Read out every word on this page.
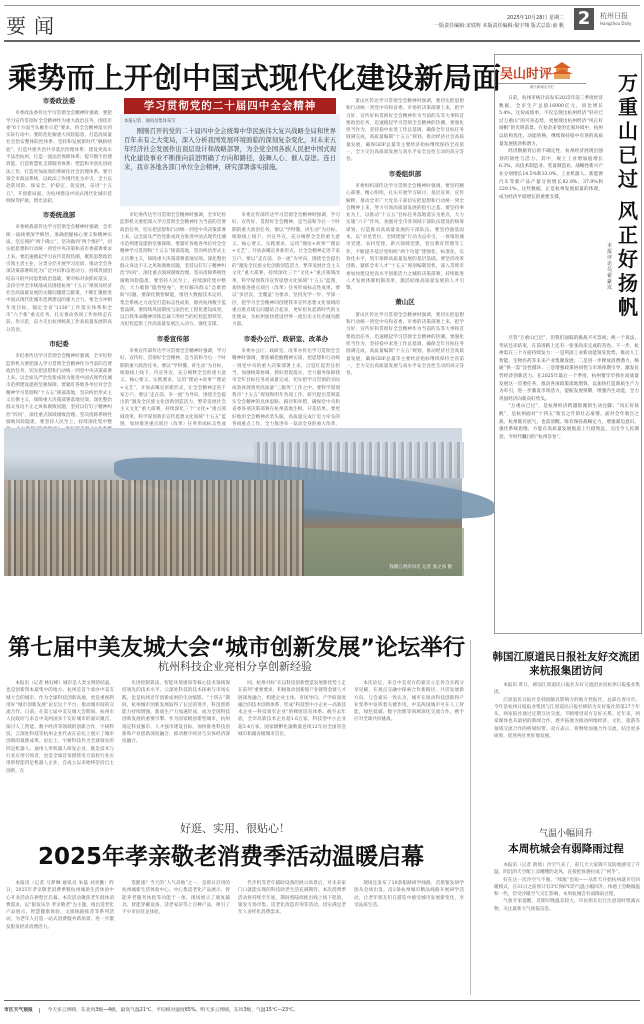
要闻	2025年10月28日 星期二
一版责任编辑:宋铁辉 本版责任编辑:倪宇翔 版式总监:俞 帆 2	杭州日报
Hangzhou Daily
乘势而上开创中国式现代化建设新局面
市委政法委

市委政法委传达学习贯彻全会精神时强调，要把学习宣传贯彻好全会精神作为重大政治任务，围绕市委“6个方面当头雁作示范”要求，将全会精神落实到实际行动中。要防范化解重大风险隐患，打造高质量社会治安整体防控体系；坚持和发展新时代“枫桥经验”，打造共建共治共享基层治理体系；建设更高水平法治杭州，打造一流法治保障体系；提升数字治理效能，打造智慧化支撑服务体系；塑造和争创先进政法工作，打造更加高效的系统化社会治理体系。要引领全市政法系统，以政法工作现代化为牵引，全力以赴防风险、保安全、护稳定、促发展，奋进“十五五”，开创新局面，为杭州建设中国式现代化城市范例保驾护航、增光添彩。

市委统战部

市委统战部传达学习贯彻全会精神时强调，全市统一战线要深学细悟、准确把握核心要义和精神实质，坚定拥护“两个确立”、坚决做到“两个维护”，切实把思想和行动统一到党中央决策和省市委部署要求上来。要迅速掀起学习宣传贯彻热潮，聚焦思想政治引领主责主业，分类分层开展学习培训，推动全会各项决策部署转化为广泛共识和奋进动力。持续巩固团结奋斗的共同思想政治基础，要对标对表抓好落实，支持引导全市统战成员围绕杭州“十五五”规划及经济社会高质量发展的关键问题建言献策，不断汇聚推进中国式现代化城市范例建设的强大合力。要全力冲刺年度目标，铺定全省“1136”工作落实体系和全市“六个新”重点任务，扎实推动各项工作始终走在前、作示范，奋力交出杭州统战工作高质量发展的高分答卷。

市纪委

市纪委传达学习贯彻全会精神时强调，全市纪检监察机关要把深入学习贯彻全会精神作为当前的首要政治任务，切实把思想和行动统一到党中央决策部署上来。以全面从严治党新成效为推进中国式现代化城市范例建设提供坚强保障。要紧盯各地各单位对全会精神学习贯彻和“十五五”规部落地，坚决纠治形式主义官僚主义，保障重大决策部署落地见效。深化整治群众身边不正之风和腐败问题，坚持以钉钉子精神纠治“四风”，深化重点领域腐败治理。坚决清除系统性腐败风险隐患，要坚持人民至上，持续深化集中整

学习贯彻党的二十届四中全会精神
本报记者、通讯员集体采写
刚刚召开的党的二十届四中全会统筹中华民族伟大复兴战略全局和世界百年未有之大变局，深入分析我国发展环境面临的深刻复杂变化，对未来五年经济社会发展作出顶层设计和战略部署，为全党全国各族人民把中国式现代化建设事业不断推向前进明确了方向和路径，鼓舞人心、催人奋进。连日来，我市各地各部门单位全会精神，研究部署落实措施。

市纪委传达学习贯彻全会精神时强调，全市纪检监察机关要把深入学习贯彻全会精神作为当前的首要政治任务，切实把思想和行动统一到党中央决策部署上来。以全面从严治党新成效为推进中国式现代化城市范例建设提供坚强保障。要紧盯各地各单位对全会精神学习贯彻和“十五五”规部落地，坚决纠治形式主义官僚主义，保障重大决策部署落地见效。深化整治群众身边不正之风和腐败问题，坚持以钉钉子精神纠治“四风”，深化重点领域腐败治理。坚决清除系统性腐败风险隐患，要坚持人民至上，持续深化集中整治，大力破除“隐性壁垒”，更好解决群众“急难愁盼”问题。要深化数智赋能，推进大数据技术运用，集全系统之力攻坚打造标志性成果，擦亮杭州数字监督品牌。要持续巩固制度与法治化工程化建设成果，以自我革命精神淬炼忠诚干净担当的纪检监察铁军，为纪检监察工作高质量发展注入动力、强化支撑。

市委宣传部

市委宣传部传达学习贯彻全会精神时强调，学习好、宣传好、贯彻好全会精神，是当前和今后一个时期的重大政治任务。要以“学得懂、讲生动”为目标，统筹线上线下、内宣外宣，充分阐释全会的重大意义、核心要义、实践要求，运用“理论+故事”“理论+文艺”，开放表噶宣讲新形式，让全会精神走进千家万户。要以“走在前、争一流”为导向，围绕全会提出的“激发全民族文化创新创造活力，繁荣发展社会主义文化”重大部署，持续深化三个“文化+”重点领域改革，科学谋划我市宣传思想文化领域“十五五”蓝图，加快推进重点项目（改革）任务形成标志性成

市委宣传部传达学习贯彻全会精神时强调，学习好、宣传好、贯彻好全会精神，是当前和今后一个时期的重大政治任务。要以“学得懂、讲生动”为目标，统筹线上线下、内宣外宣，充分阐释全会的重大意义、核心要义、实践要求，运用“理论+故事”“理论+文艺”，开放表噶宣讲新形式，让全会精神走进千家万户。要以“走在前、争一流”为导向，围绕全会提出的“激发全民族文化创新创造活力，繁荣发展社会主义文化”重大部署，持续深化三个“文化+”重点领域改革，科学谋划我市宣传思想文化领域“十五五”蓝图，加快推进重点项目（改革）任务形成标志性成果。要以“多层次、全覆盖”为要求，坚持先学一步、学深一层，把学习全会精神同创建我市宣传思想文化领域的重点难点堵点问题结合起来，更好担负起新时代的文化使命，为杭州加快建设世界一流历史文化名城贡献力量。

市委办公厅、政研室、改革办

市委办公厅、政研室、改革办传达学习贯彻全会精神时强调，要准确把握精神实质，把思想和行动统一到党中央的重大决策部署上来，自觉扛起责任担当，加强统筹协调，抓好督促落实，全力服务保障我市全年目标任务高质量完成，切实把学习贯彻的实际成效体现到更高质量“三服务”工作之中。要科学谋划我市“十五五”规划和明年各项工作，研究提出贯彻落实全会精神的具体思路、路径和举措，确保党中央和省委各项决策部署在杭州落地生根、开花结果。要更好地用全会精神武装头脑，高质量完成厅室力牵头的各项重点工作，全力推进牵一发动全身的重大改革，

萧山区传达学习贯彻全会精神时强调，要切实把思想和行动统一到党中央和省委、市委的决策部署上来，把学习好、宣传好和贯彻好全会精神作为当前的头等大事和首要政治任务，迅速掀起学习贯彻全会精神的热潮。要强化担当作为，坚持稳中求进工作总基调，确保全年目标任务圆满完成，高质量编制“十五五”规划，推动经济社会高质量发展，确保GDP总量等主要经济指标继续保持全省第一，全力交出高质量发展与高水平安全良性互动的高分答卷。

市委组织部

市委组织部传达学习贯彻全会精神时强调，要坚持精心部署、精心组织，扎实开展学习研讨、基层宣讲、宣传解释，推动全市广大党员干部切实把思想和行动统一到全会精神上来，努力引领高质量发展的指引之基。要坚持事业为上，以推动“十五五”目标任务落地落实为重点，大力实施“六干”作风，加强对全市各领域干部队伍建设的统筹谋划，打造推动高质量发展的干部队伍。要坚持强基固本，以“争星晋位、全域建强”行动为总牵引，一体推进城市党建、农村党建、新兴领域党建，党员教育管理等工作，不断提升基层党组织“两个功能”建强化、标准化、实效化水平，筑牢保障高质量发展的基层基础。要坚持改革创新，紧抓全市人才“十五五”规划编制契机，深入贯彻市委加快建设更高水平创新活力之城的决策部署，持续推进人才发展体制机制改革，激活助推高质量发展的人才引擎。

萧山区

萧山区传达学习贯彻全会精神时强调，要切实把思想和行动统一到党中央和省委、市委的决策部署上来，把学习好、宣传好和贯彻好全会精神作为当前的头等大事和首要政治任务，迅速掀起学习贯彻全会精神的热潮。要强化担当作为，坚持稳中求进工作总基调，确保全年目标任务圆满完成，高质量编制“十五五”规划，推动经济社会高质量发展，确保GDP总量等主要经济指标继续保持全省第一，全力交出高质量发展与高水平安全良性互动的高分答卷。

钱塘江两岸风光 记者 张之冰 摄
第七届中美友城大会“城市创新发展”论坛举行
杭州科技企业亮相分享创新经验

本报讯（记者 林钰峰）城市是人类文明的结晶，也是创新资本最集中的地方。杭州是首个承办中美友城大会的城市，作为全球科技创新高地，更是重视利用好“城市创新发展”论坛这个平台，推动城市间的交流合作。日前，在第七届中美友城大会期间，杭州市人民政府与来自中美两国多个友好城市的嘉宾聚首，探讨人工智能、数字经济等领域的创新合作，宇树科技、云深处科技等杭州企业代表在论坛上展示了城市创新的最新成果。论坛上，宇树科技作为全球领先的四足机器人、通用人形机器人研发企业，既是技术与行业应用引领者，也是全球首家围绕电力巡检行业应用的智能四足机器人企业，自成立以来始终坚持自主创新，在

先进控制算法、智能环境感知等核心技术领域保持领先的技术水平。云深处科技的技术探索与市场实践，也是杭州近年创新成果的生动缩影。“十四五”期间，杭州城市创新发展取得了长足的进步，科技创新能力持续增强，新质生产力加速形成，成为全国科技创新发展的重要引擎。作为国家级创新型城市，杭州锚定科技强市、人才强市建设目标，加快推进科技创新和产业创新深度融合，推动数字经济与实体经济深度融合。

回，杭州对标“在以科技创新塑造发展新优势上走在前列”重要要求，积极推动创新链产业链资金链人才链深度融合，构建企业主体、市场导向、产学研深度融合的技术创新体系，形成“科技型中小企业—高新技术企业—科技领军企业”的梯度培育体系。截至去年底，全市高新技术企业超1.6万家，科技型中小企业超3.4万家，国家级孵化器数量连续12年居全国省会城市和副省级城市首位。

本次论坛，来自中美双方的嘉宾立足各自实践分享见解，在观点交融中探索合作新路径、共话发展新方向。与会嘉宾一致认为，城市在推动科技创新和产业变革中发挥着关键作用，中美两国城市可在人工智能、绿色低碳、数字治理等领域深化交流合作，携手应对全球共同挑战。

好逛、实用、很贴心！
2025年孝亲敬老消费季活动温暖启幕

本报讯（记者 马梦琳 通讯员 朱磊 刘亮勤）昨日，2025年孝亲敬老消费季暨杭州城新生活体验中心开业活动在拱墅区启幕。本次活动聚焦老年群体消费需求，以“银发乐享 孝亲敬老”为主题，推出适老化产品展示、智慧健康体验、文旅线路推荐等系列活动，为老年人打造一站式消费服务新场景，进一步激发银发经济消费活力。

逛健康？当天的“人气高地”之一，是即日启用的杭州城新生活体验中心。中心集适老化产品展示、智能养老服务体验等功能于一体，现场展示了康复辅具、智能穿戴设备、适老家居等上百种产品，吸引了不少市民驻足体验。

代步机等老年辅助设备的展示场景后，对未来家门口就能实现的科技助老生活充满期待。本次消费季活动将持续至年底，期间将陆续推出线上线下促销、银发专场市集、适老化改造咨询等活动，切实满足老年人多样化消费需求。

现场还发布了10条银龄研学线路，首批银发研学团从会场出发，沿2条杭州城市精品线路开展研学活动，让老年朋友们在游览中感受城市发展新变化，享受品质生活。

吴山时评
浙江新闻名专栏	万重山已过
风正好扬帆
本报评论员 翟豪岚

日前，杭州市统计局发布2025年前三季度经济数据，全市生产总值16900亿元，同比增长5.4%。这份成绩单，不仅呈现出杭州经济“轻舟已过万重山”的可喜态势，更展现出杭州经济“风正好扬帆”的光明前景。在复杂多变的宏观环境中，杭州以结构优化、动能转换，继续保持稳中有进的高质量发展韧劲和潜力。

经济数据背后的不确定性，杭州经济展现出强劲的韧性与活力。其中，规上工业增加值增长6.3%，高技术制造业、装备制造业、战略性新兴产业分别增长14.5%和33.0%。工业机器人、新能源汽车等新产品产量分别增长82.9%、37.9%和229.1%。这些数据，正是杭州发展质量的体现，成为经济平稳增长的重要支撑。

尽管“万重山已过”，但我们面临的挑战不可忽视；换一个说法，考试还未结束，在前进路上还有一张张尚未完成的答卷。下一步，杭州需在三个方面持续发力：一是巩固工业新动能领先优势，推动人工智能、生物医药等未来产业集聚发展；二是进一步释放消费潜力，畅通“供一需”良性循环；三是增强政策协同性与市场预期引导，激发民营经济创新活力。在2025年最后一个季度，杭州要牢牢抓住高质量发展这一首要任务，推动各项政策落地增效，以加快打造新质生产力为牵引，进一步激发市场活力，提振发展预期，增强内生动能，全力巩固经济向新向好势头。

“万重山已过”，是杭州经济跨越险滩的生动注脚；“风正好扬帆”，是杭州面对“十四五”收官之年的壮志豪情。面对全年收官之战，杭州既有底气，也需清醒。唯有保持战略定力，增强紧迫意识，强化系统思维，方能在高质量发展航道上行稳致远，交出令人民满意、令时代瞩目的“杭州答卷”。

韩国江原道民日报社友好交流团来杭报集团访问

本报讯 昨日，韩国江原道民日报社友好交流团访问杭州日报报业集团。

江原道民日报社是韩国颇具影响力的地方性报社，总部在春川市。今年是杭州日报报业集团与江原道民日报社缔结为友好报社的第27个年头。两家报社通过定期互访交流，不断增进双方友好关系。近年来，两家媒体也从最初的新闻合作，逐步拓展为推动两地经济、文化、旅游等领域交流合作的桥梁纽带。双方表示，将继续加强合作交流，结出更多硕果，促进两社更好地发展。

气温小幅回升
本周杭城会有弱降雨过程

本报讯（记者 俞倩）冷空气来了，前几天大家降不及防地感受了升温，阴沉的天空配上凉飕飕的北风，直接把体感拉成了“初冬”。

好在这一次冷空气不强，“续航”也短——从昨天开始杭州就开启回暖模式，在31日之前预计有3℃到6℃的气温小幅回升，体感上会略微温和一些，但受冷暖空气交汇影响，本周杭城会有弱降雨过程。

气象专家提醒，近期早晚温差较大，市民朋友出行注意适时增减衣物，关注最新天气预报信息。

市区天气预报	今天多云到晴，东北风3级—4级，最高气温21℃，平均相对湿度65%。明天多云到晴，东风3级，气温15℃—23℃。
